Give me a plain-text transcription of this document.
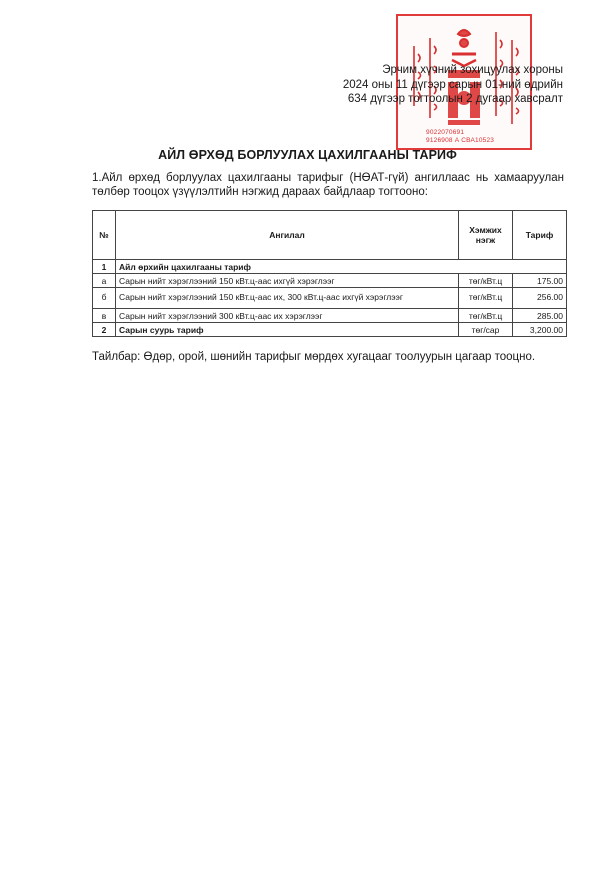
9022070691
9126908 А СВА10523
Эрчим хүчний зохицуулах хороны
2024 оны 11 дүгээр сарын 01-ний өдрийн
634 дүгээр тогтоолын 2 дугаар хавсралт
АЙЛ ӨРХӨД БОРЛУУЛАХ ЦАХИЛГААНЫ ТАРИФ
1.Айл өрхөд борлуулах цахилгааны тарифыг (НӨАТ-гүй) ангиллаас нь хамааруулан төлбөр тооцох үзүүлэлтийн нэгжид дараах байдлаар тогтооно:
№	Ангилал	Хэмжих нэгж	Тариф
1	Айл өрхийн цахилгааны тариф		
а	Сарын нийт хэрэглээний 150 кВт.ц-аас ихгүй хэрэглээг	төг/кВт.ц	175.00
б	Сарын нийт хэрэглээний 150 кВт.ц-аас их, 300 кВт.ц-аас ихгүй хэрэглээг	төг/кВт.ц	256.00
в	Сарын нийт хэрэглээний 300 кВт.ц-аас их хэрэглээг	төг/кВт.ц	285.00
2	Сарын суурь тариф	төг/сар	3,200.00
Тайлбар: Өдөр, орой, шөнийн тарифыг мөрдөх хугацааг тоолуурын цагаар тооцно.
